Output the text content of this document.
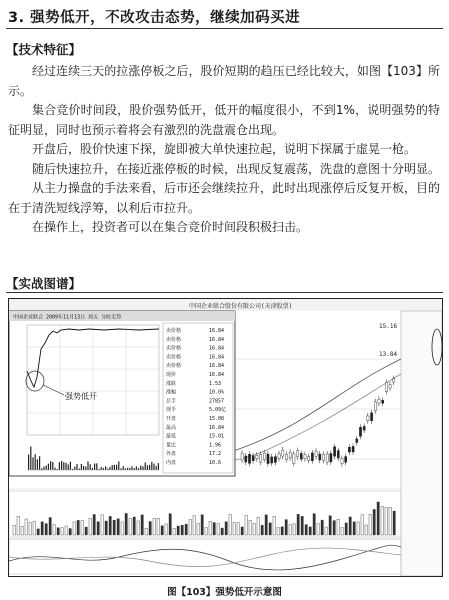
3. 强势低开，不改攻击态势，继续加码买进
【技术特征】

经过连续三天的拉涨停板之后，股价短期的趋压已经比较大，如图【103】所示。

集合竞价时间段，股价强势低开，低开的幅度很小，不到1%，说明强势的特征明显，同时也预示着将会有激烈的洗盘震仓出现。

开盘后，股价快速下探，旋即被大单快速拉起，说明下探属于虚晃一枪。

随后快速拉升，在接近涨停板的时候，出现反复震荡，洗盘的意图十分明显。

从主力操盘的手法来看，后市还会继续拉升，此时出现涨停后反复开板，目的在于清洗短线浮筹，以利后市拉升。

在操作上，投资者可以在集合竞价时间段积极扫击。

【实战图谱】
中国企业联合股份有限公司(天津股票)
15.16
13.84
中国企业联合 2009年11月13日 周五 分时走势
强势低开
卖价格	16.84
卖价格	16.84
卖价格	16.84
卖价格	16.84
卖价格	16.84
现价	16.84
涨跌	1.53
涨幅	10.0%
总手	27857
现手	5.09亿
开盘	15.08
最高	16.84
最低	15.01
量比	1.96
外盘	17.2
内盘	10.6
图【103】强势低开示意图
